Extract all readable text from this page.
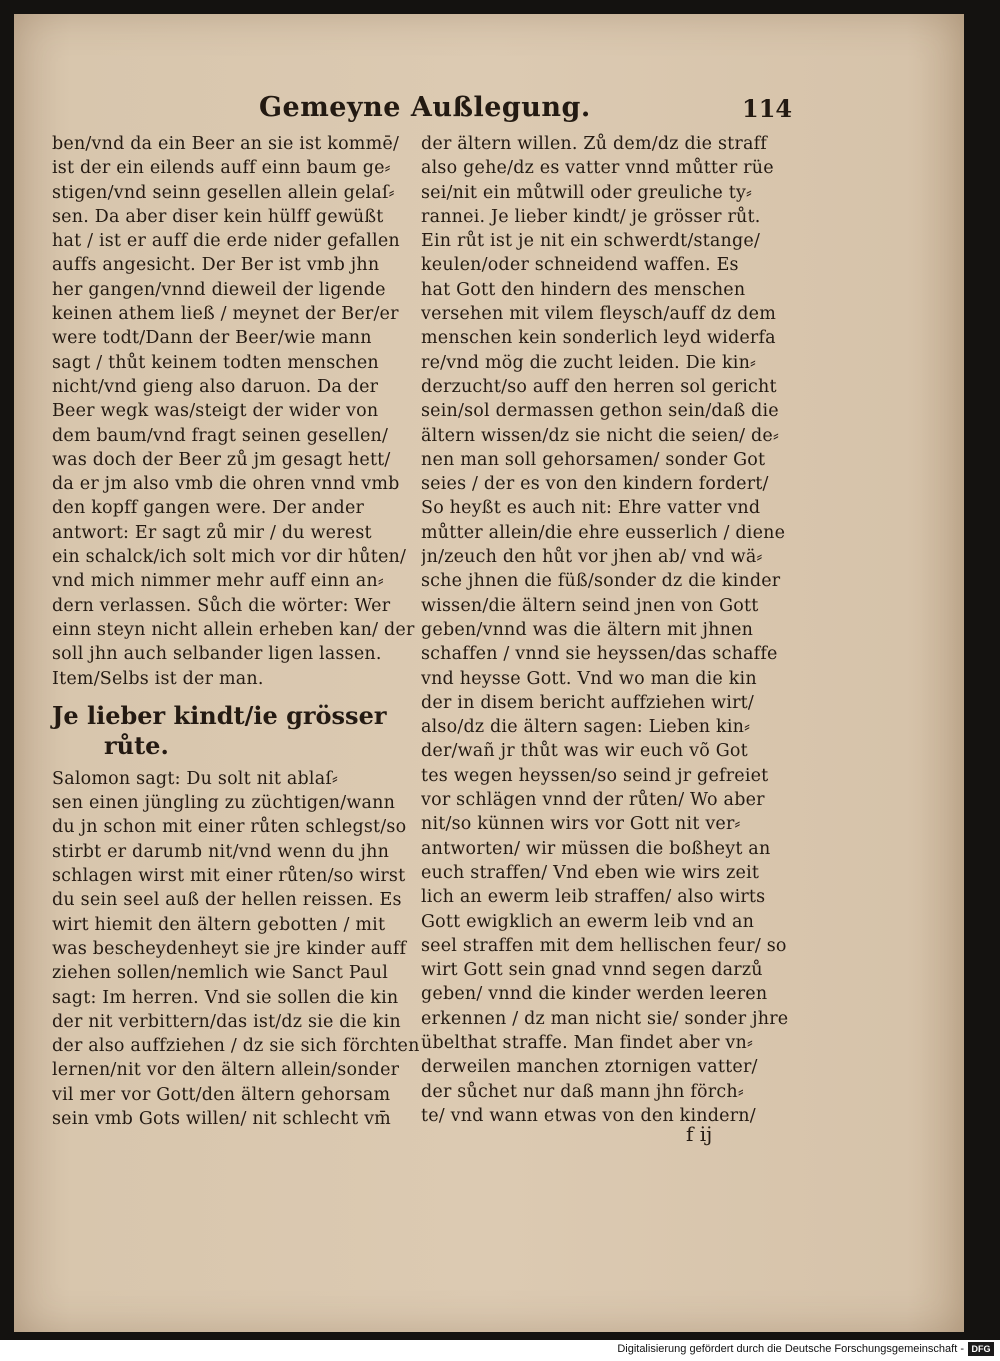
Gemeyne Außlegung.	114
ben/vnd da ein Beer an sie ist kommē/
ist der ein eilends auff einn baum ge⸗
stigen/vnd seinn gesellen allein gelaſ⸗
sen. Da aber diser kein hülff gewüßt
hat / ist er auff die erde nider gefallen
auffs angesicht. Der Ber ist vmb jhn
her gangen/vnnd dieweil der ligende
keinen athem ließ / meynet der Ber/er
were todt/Dann der Beer/wie mann
sagt / thůt keinem todten menschen
nicht/vnd gieng also daruon. Da der
Beer wegk was/steigt der wider von
dem baum/vnd fragt seinen gesellen/
was doch der Beer zů jm gesagt hett/
da er jm also vmb die ohren vnnd vmb
den kopff gangen were. Der ander
antwort: Er sagt zů mir / du werest
ein schalck/ich solt mich vor dir hůten/
vnd mich nimmer mehr auff einn an⸗
dern verlassen. Sůch die wörter: Wer
einn steyn nicht allein erheben kan/ der
soll jhn auch selbander ligen lassen.
Item/Selbs ist der man.
Je lieber kindt/ie grösser
růte.
Salomon sagt: Du solt nit ablaſ⸗
sen einen jüngling zu züchtigen/wann
du jn schon mit einer růten schlegst/so
stirbt er darumb nit/vnd wenn du jhn
schlagen wirst mit einer růten/so wirst
du sein seel auß der hellen reissen. Es
wirt hiemit den ältern gebotten / mit
was bescheydenheyt sie jre kinder auff
ziehen sollen/nemlich wie Sanct Paul
sagt: Im herren. Vnd sie sollen die kin
der nit verbittern/das ist/dz sie die kin
der also auffziehen / dz sie sich förchten
lernen/nit vor den ältern allein/sonder
vil mer vor Gott/den ältern gehorsam
sein vmb Gots willen/ nit schlecht vm̄
der ältern willen. Zů dem/dz die straff
also gehe/dz es vatter vnnd můtter rüe
sei/nit ein můtwill oder greuliche ty⸗
rannei. Je lieber kindt/ je grösser růt.
Ein růt ist je nit ein schwerdt/stange/
keulen/oder schneidend waffen. Es
hat Gott den hindern des menschen
versehen mit vilem fleysch/auff dz dem
menschen kein sonderlich leyd widerfa
re/vnd mög die zucht leiden. Die kin⸗
derzucht/so auff den herren sol gericht
sein/sol dermassen gethon sein/daß die
ältern wissen/dz sie nicht die seien/ de⸗
nen man soll gehorsamen/ sonder Got
seies / der es von den kindern fordert/
So heyßt es auch nit: Ehre vatter vnd
můtter allein/die ehre eusserlich / diene
jn/zeuch den hůt vor jhen ab/ vnd wä⸗
sche jhnen die füß/sonder dz die kinder
wissen/die ältern seind jnen von Gott
geben/vnnd was die ältern mit jhnen
schaffen / vnnd sie heyssen/das schaffe
vnd heysse Gott. Vnd wo man die kin
der in disem bericht auffziehen wirt/
also/dz die ältern sagen: Lieben kin⸗
der/wañ jr thůt was wir euch võ Got
tes wegen heyssen/so seind jr gefreiet
vor schlägen vnnd der růten/ Wo aber
nit/so künnen wirs vor Gott nit ver⸗
antworten/ wir müssen die boßheyt an
euch straffen/ Vnd eben wie wirs zeit
lich an ewerm leib straffen/ also wirts
Gott ewigklich an ewerm leib vnd an
seel straffen mit dem hellischen feur/ so
wirt Gott sein gnad vnnd segen darzů
geben/ vnnd die kinder werden leeren
erkennen / dz man nicht sie/ sonder jhre
übelthat straffe. Man findet aber vn⸗
derweilen manchen ztornigen vatter/
der sůchet nur daß mann jhn förch⸗
te/ vnd wann etwas von den kindern/
f ij
Digitalisierung gefördert durch die Deutsche Forschungsgemeinschaft - DFG
